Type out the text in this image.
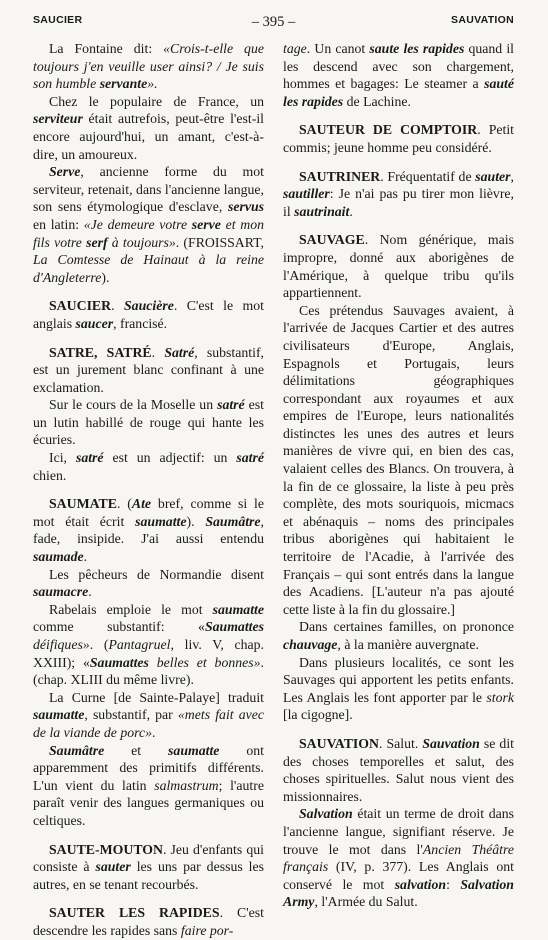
SAUCIER	– 395 –	SAUVATION

La Fontaine dit: «Crois-t-elle que toujours j'en veuille user ainsi? / Je suis son humble servante».

Chez le populaire de France, un serviteur était autrefois, peut-être l'est-il encore aujourd'hui, un amant, c'est-à-dire, un amoureux.

Serve, ancienne forme du mot serviteur, retenait, dans l'ancienne langue, son sens étymologique d'esclave, servus en latin: «Je demeure votre serve et mon fils votre serf à toujours». (FROISSART, La Comtesse de Hainaut à la reine d'Angleterre).

SAUCIER. Saucière. C'est le mot anglais saucer, francisé.

SATRE, SATRÉ. Satré, substantif, est un jurement blanc confinant à une exclamation.

Sur le cours de la Moselle un satré est un lutin habillé de rouge qui hante les écuries.

Ici, satré est un adjectif: un satré chien.

SAUMATE. (Ate bref, comme si le mot était écrit saumatte). Saumâtre, fade, insipide. J'ai aussi entendu saumade.

Les pêcheurs de Normandie disent saumacre.

Rabelais emploie le mot saumatte comme substantif: «Saumattes déifiques». (Pantagruel, liv. V, chap. XXIII); «Saumattes belles et bonnes». (chap. XLIII du même livre).

La Curne [de Sainte-Palaye] traduit saumatte, substantif, par «mets fait avec de la viande de porc».

Saumâtre et saumatte ont apparemment des primitifs différents. L'un vient du latin salmastrum; l'autre paraît venir des langues germaniques ou celtiques.

SAUTE-MOUTON. Jeu d'enfants qui consiste à sauter les uns par dessus les autres, en se tenant recourbés.

SAUTER LES RAPIDES. C'est descendre les rapides sans faire por-

tage. Un canot saute les rapides quand il les descend avec son chargement, hommes et bagages: Le steamer a sauté les rapides de Lachine.

SAUTEUR DE COMPTOIR. Petit commis; jeune homme peu considéré.

SAUTRINER. Fréquentatif de sauter, sautiller: Je n'ai pas pu tirer mon lièvre, il sautrinait.

SAUVAGE. Nom générique, mais impropre, donné aux aborigènes de l'Amérique, à quelque tribu qu'ils appartiennent.

Ces prétendus Sauvages avaient, à l'arrivée de Jacques Cartier et des autres civilisateurs d'Europe, Anglais, Espagnols et Portugais, leurs délimitations géographiques correspondant aux royaumes et aux empires de l'Europe, leurs nationalités distinctes les unes des autres et leurs manières de vivre qui, en bien des cas, valaient celles des Blancs. On trouvera, à la fin de ce glossaire, la liste à peu près complète, des mots souriquois, micmacs et abénaquis – noms des principales tribus aborigènes qui habitaient le territoire de l'Acadie, à l'arrivée des Français – qui sont entrés dans la langue des Acadiens. [L'auteur n'a pas ajouté cette liste à la fin du glossaire.]

Dans certaines familles, on prononce chauvage, à la manière auvergnate.

Dans plusieurs localités, ce sont les Sauvages qui apportent les petits enfants. Les Anglais les font apporter par le stork [la cigogne].

SAUVATION. Salut. Sauvation se dit des choses temporelles et salut, des choses spirituelles. Salut nous vient des missionnaires.

Salvation était un terme de droit dans l'ancienne langue, signifiant réserve. Je trouve le mot dans l'Ancien Théâtre français (IV, p. 377). Les Anglais ont conservé le mot salvation: Salvation Army, l'Armée du Salut.
